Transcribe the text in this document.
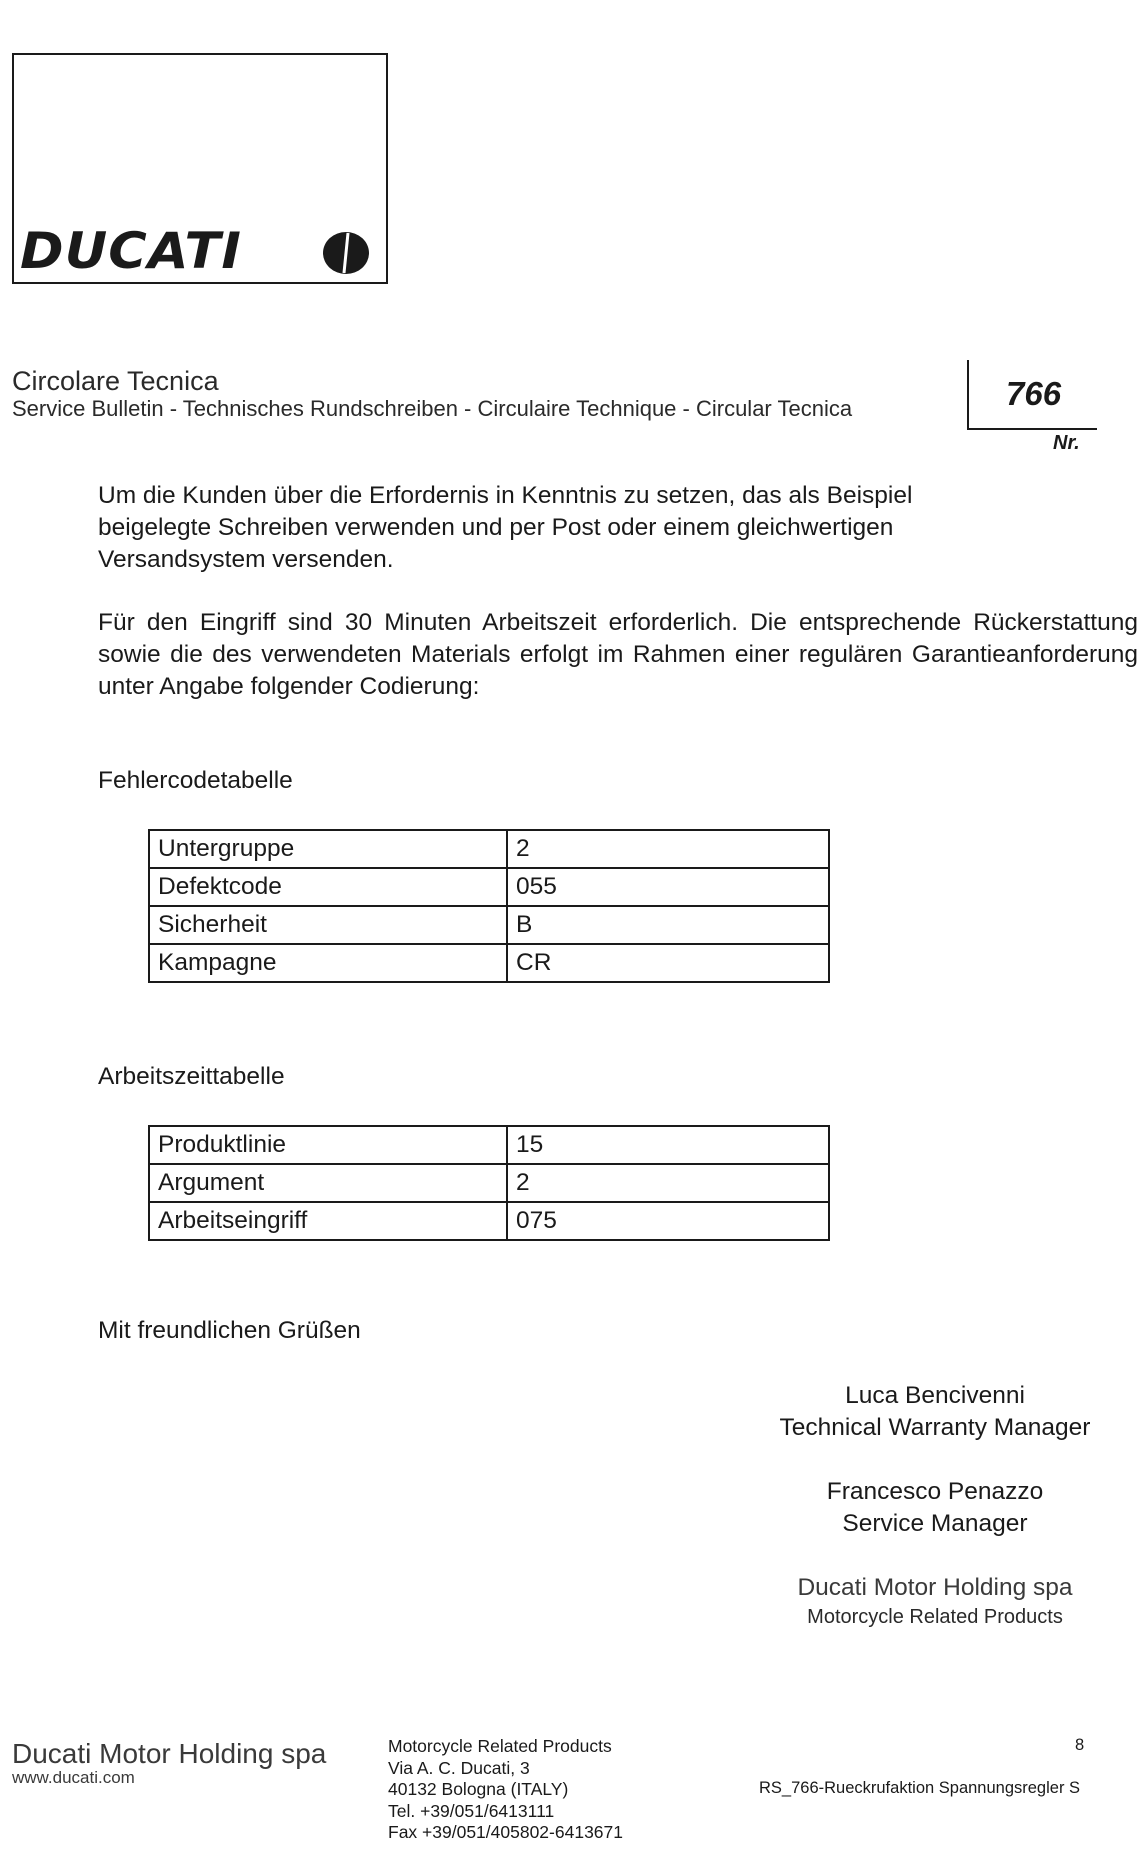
DUCATI
Circolare Tecnica
Service Bulletin - Technisches Rundschreiben - Circulaire Technique - Circular Tecnica	766
Nr.
Um die Kunden über die Erfordernis in Kenntnis zu setzen, das als Beispiel beigelegte Schreiben verwenden und per Post oder einem gleichwertigen Versandsystem versenden.
Für den Eingriff sind 30 Minuten Arbeitszeit erforderlich. Die entsprechende Rückerstattung sowie die des verwendeten Materials erfolgt im Rahmen einer regulären Garantieanforderung unter Angabe folgender Codierung:
Fehlercodetabelle
Untergruppe	2
Defektcode	055
Sicherheit	B
Kampagne	CR
Arbeitszeittabelle
Produktlinie	15
Argument	2
Arbeitseingriff	075
Mit freundlichen Grüßen
Luca Bencivenni
Technical Warranty Manager
Francesco Penazzo
Service Manager
Ducati Motor Holding spa
Motorcycle Related Products
Ducati Motor Holding spa
www.ducati.com
Motorcycle Related Products
Via A. C. Ducati, 3
40132 Bologna (ITALY)
Tel. +39/051/6413111
Fax +39/051/405802-6413671
RS_766-Rueckrufaktion Spannungsregler S
8
